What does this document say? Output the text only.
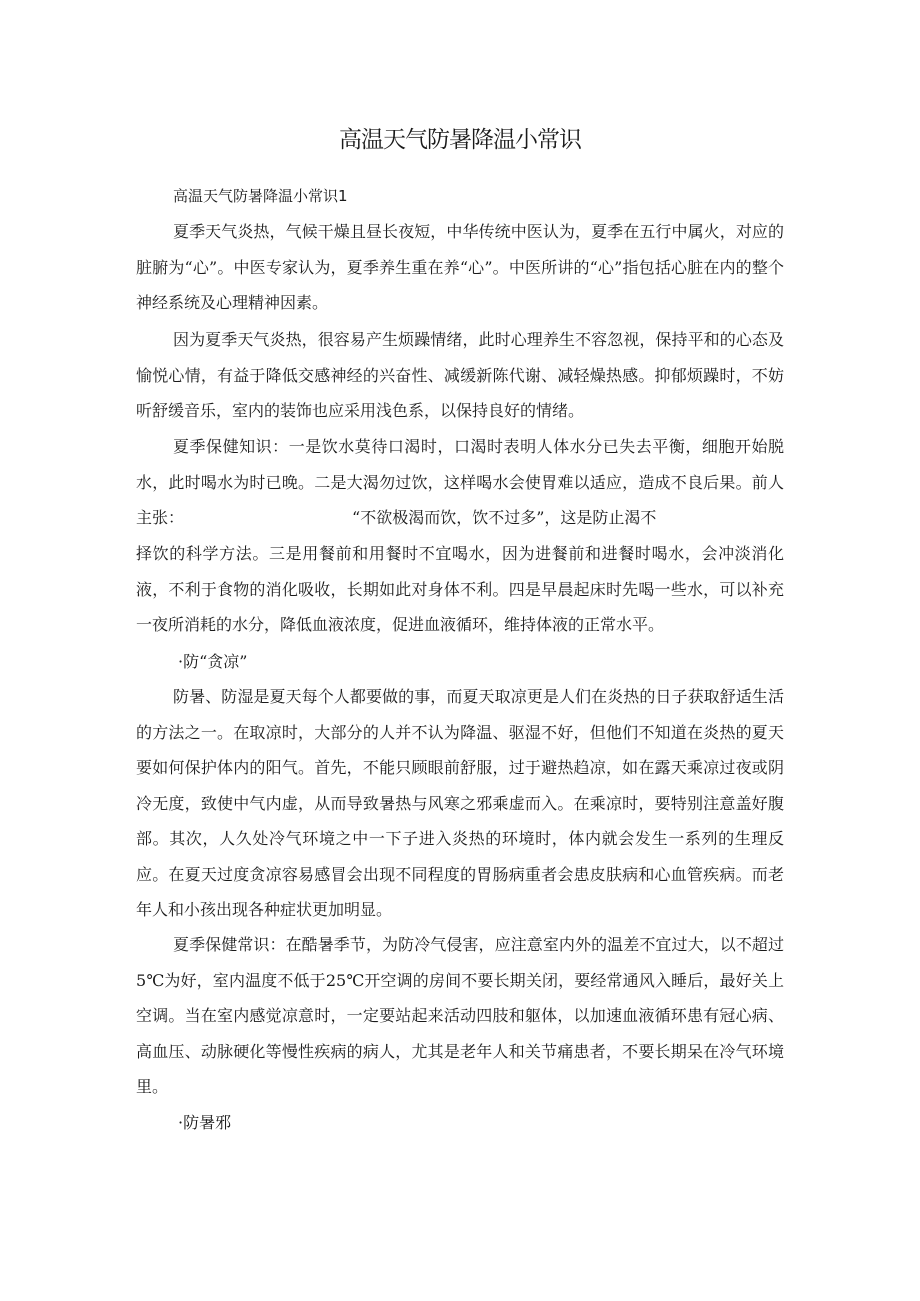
高温天气防暑降温小常识

高温天气防暑降温小常识1

夏季天气炎热，气候干燥且昼长夜短，中华传统中医认为，夏季在五行中属火，对应的脏腑为“心”。中医专家认为，夏季养生重在养“心”。中医所讲的“心”指包括心脏在内的整个神经系统及心理精神因素。

因为夏季天气炎热，很容易产生烦躁情绪，此时心理养生不容忽视，保持平和的心态及愉悦心情，有益于降低交感神经的兴奋性、减缓新陈代谢、减轻燥热感。抑郁烦躁时，不妨听舒缓音乐，室内的装饰也应采用浅色系，以保持良好的情绪。

夏季保健知识：一是饮水莫待口渴时，口渴时表明人体水分已失去平衡，细胞开始脱水，此时喝水为时已晚。二是大渴勿过饮，这样喝水会使胃难以适应，造成不良后果。前人主张：	“不欲极渴而饮，饮不过多”，这是防止渴不

择饮的科学方法。三是用餐前和用餐时不宜喝水，因为进餐前和进餐时喝水，会冲淡消化液，不利于食物的消化吸收，长期如此对身体不利。四是早晨起床时先喝一些水，可以补充一夜所消耗的水分，降低血液浓度，促进血液循环，维持体液的正常水平。

·防“贪凉”

防暑、防湿是夏天每个人都要做的事，而夏天取凉更是人们在炎热的日子获取舒适生活的方法之一。在取凉时，大部分的人并不认为降温、驱湿不好，但他们不知道在炎热的夏天要如何保护体内的阳气。首先，不能只顾眼前舒服，过于避热趋凉，如在露天乘凉过夜或阴冷无度，致使中气内虚，从而导致暑热与风寒之邪乘虚而入。在乘凉时，要特别注意盖好腹部。其次，人久处冷气环境之中一下子进入炎热的环境时，体内就会发生一系列的生理反应。在夏天过度贪凉容易感冒会出现不同程度的胃肠病重者会患皮肤病和心血管疾病。而老年人和小孩出现各种症状更加明显。

夏季保健常识：在酷暑季节，为防冷气侵害，应注意室内外的温差不宜过大，以不超过5℃为好，室内温度不低于25℃开空调的房间不要长期关闭，要经常通风入睡后，最好关上空调。当在室内感觉凉意时，一定要站起来活动四肢和躯体，以加速血液循环患有冠心病、高血压、动脉硬化等慢性疾病的病人，尤其是老年人和关节痛患者，不要长期呆在冷气环境里。

·防暑邪
